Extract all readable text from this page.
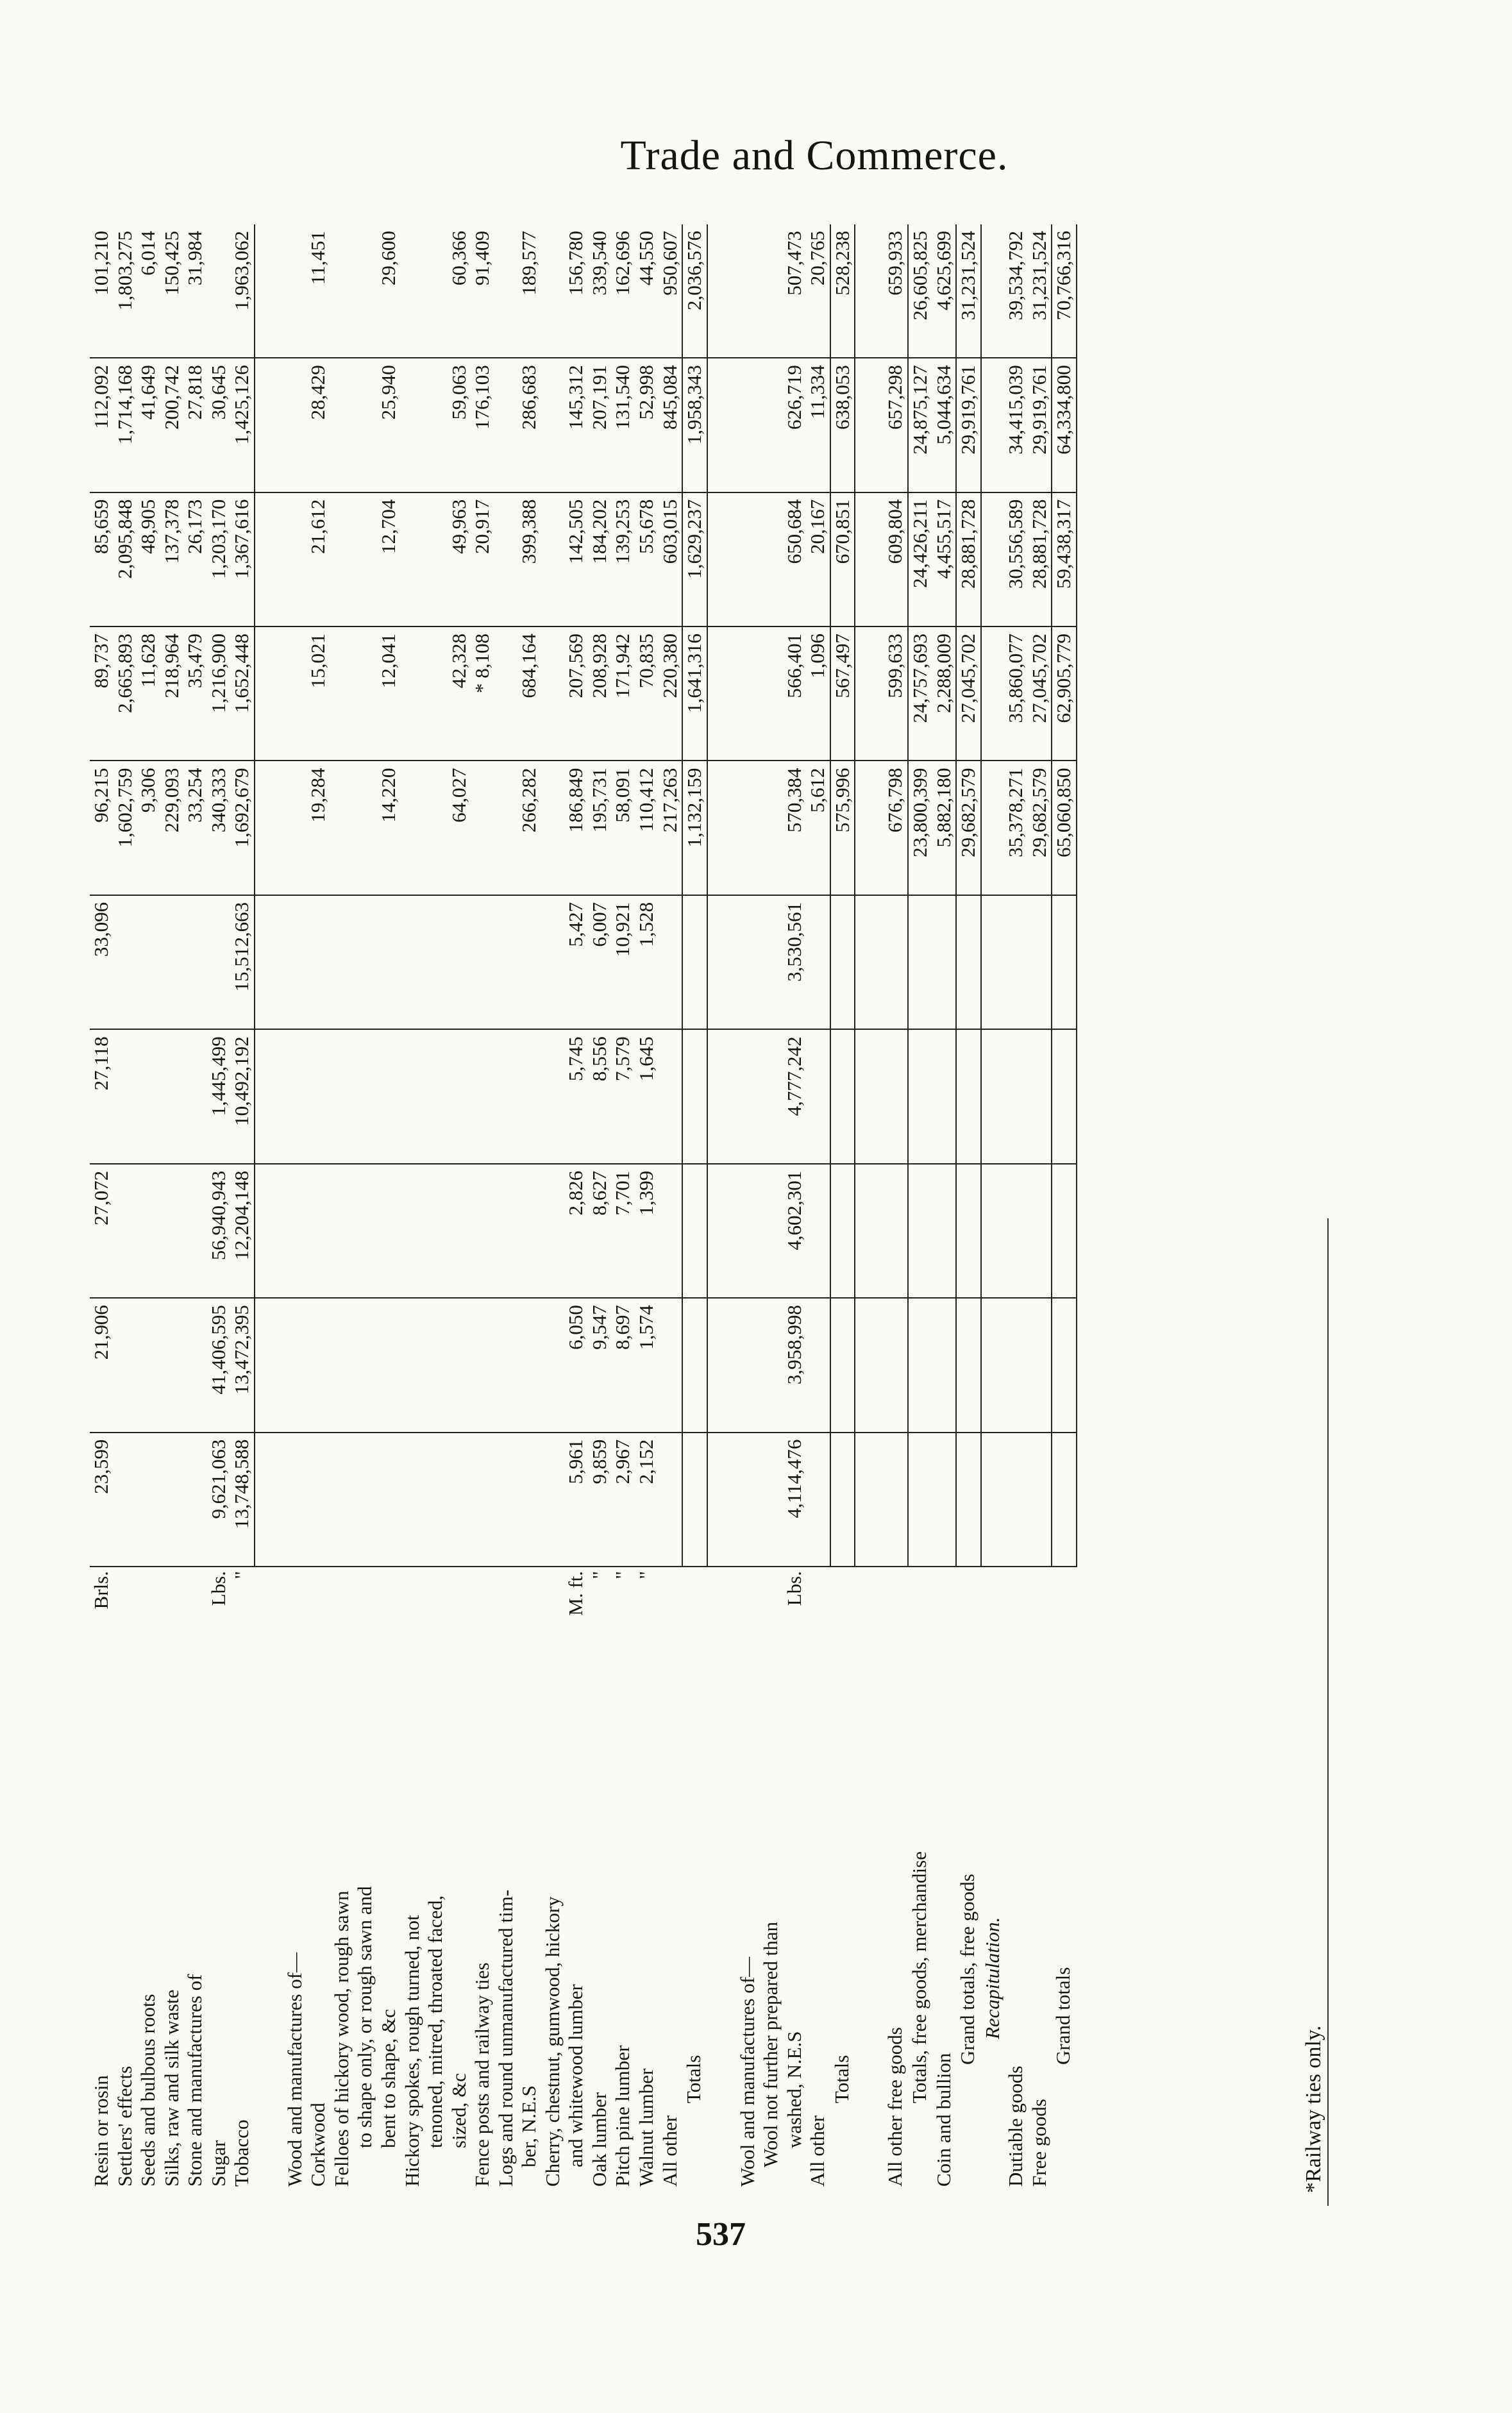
Trade and Commerce.
Resin or rosin	Brls.	23,599	21,906	27,072	27,118	33,096	96,215	89,737	85,659	112,092	101,210
Settlers' effects							1,602,759	2,665,893	2,095,848	1,714,168	1,803,275
Seeds and bulbous roots							9,306	11,628	48,905	41,649	6,014
Silks, raw and silk waste							229,093	218,964	137,378	200,742	150,425
Stone and manufactures of							33,254	35,479	26,173	27,818	31,984
Sugar	Lbs.	9,621,063	41,406,595	56,940,943	1,445,499		340,333	1,216,900	1,203,170	30,645	
Tobacco	"	13,748,588	13,472,395	12,204,148	10,492,192	15,512,663	1,692,679	1,652,448	1,367,616	1,425,126	1,963,062

Wood and manufactures of—											
Corkwood							19,284	15,021	21,612	28,429	11,451
Felloes of hickory wood, rough sawn											
to shape only, or rough sawn and											
bent to shape, &c							14,220	12,041	12,704	25,940	29,600
Hickory spokes, rough turned, not											
tenoned, mitred, throated faced,											
sized, &c							64,027	42,328	49,963	59,063	60,366
Fence posts and railway ties								* 8,108	20,917	176,103	91,409
Logs and round unmanufactured tim-											
ber, N.E.S							266,282	684,164	399,388	286,683	189,577
Cherry, chestnut, gumwood, hickory											
and whitewood lumber	M. ft.	5,961	6,050	2,826	5,745	5,427	186,849	207,569	142,505	145,312	156,780
Oak lumber	"	9,859	9,547	8,627	8,556	6,007	195,731	208,928	184,202	207,191	339,540
Pitch pine lumber	"	2,967	8,697	7,701	7,579	10,921	58,091	171,942	139,253	131,540	162,696
Walnut lumber	"	2,152	1,574	1,399	1,645	1,528	110,412	70,835	55,678	52,998	44,550
All other							217,263	220,380	603,015	845,084	950,607
Totals							1,132,159	1,641,316	1,629,237	1,958,343	2,036,576

Wool and manufactures of—											
Wool not further prepared than											
washed, N.E.S	Lbs.	4,114,476	3,958,998	4,602,301	4,777,242	3,530,561	570,384	566,401	650,684	626,719	507,473
All other							5,612	1,096	20,167	11,334	20,765
Totals							575,996	567,497	670,851	638,053	528,238

All other free goods							676,798	599,633	609,804	657,298	659,933
Totals, free goods, merchandise							23,800,399	24,757,693	24,426,211	24,875,127	26,605,825
Coin and bullion							5,882,180	2,288,009	4,455,517	5,044,634	4,625,699
Grand totals, free goods							29,682,579	27,045,702	28,881,728	29,919,761	31,231,524
Recapitulation.											
Dutiable goods							35,378,271	35,860,077	30,556,589	34,415,039	39,534,792
Free goods							29,682,579	27,045,702	28,881,728	29,919,761	31,231,524
Grand totals							65,060,850	62,905,779	59,438,317	64,334,800	70,766,316
*Railway ties only.
537
